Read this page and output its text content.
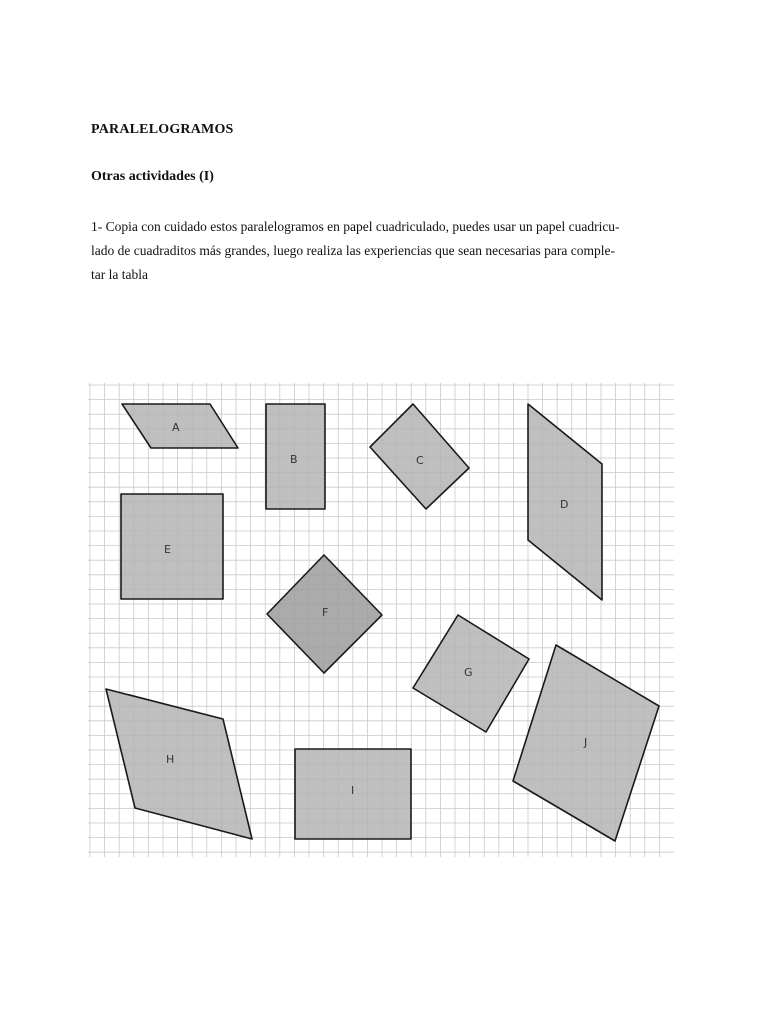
PARALELOGRAMOS
Otras actividades (I)
1- Copia con cuidado estos paralelogramos en papel cuadriculado, puedes usar un papel cuadricu-
lado de cuadraditos más grandes, luego realiza las experiencias que sean necesarias para comple-
tar la tabla
A
B	C
D
E
F
G
H
I
J
